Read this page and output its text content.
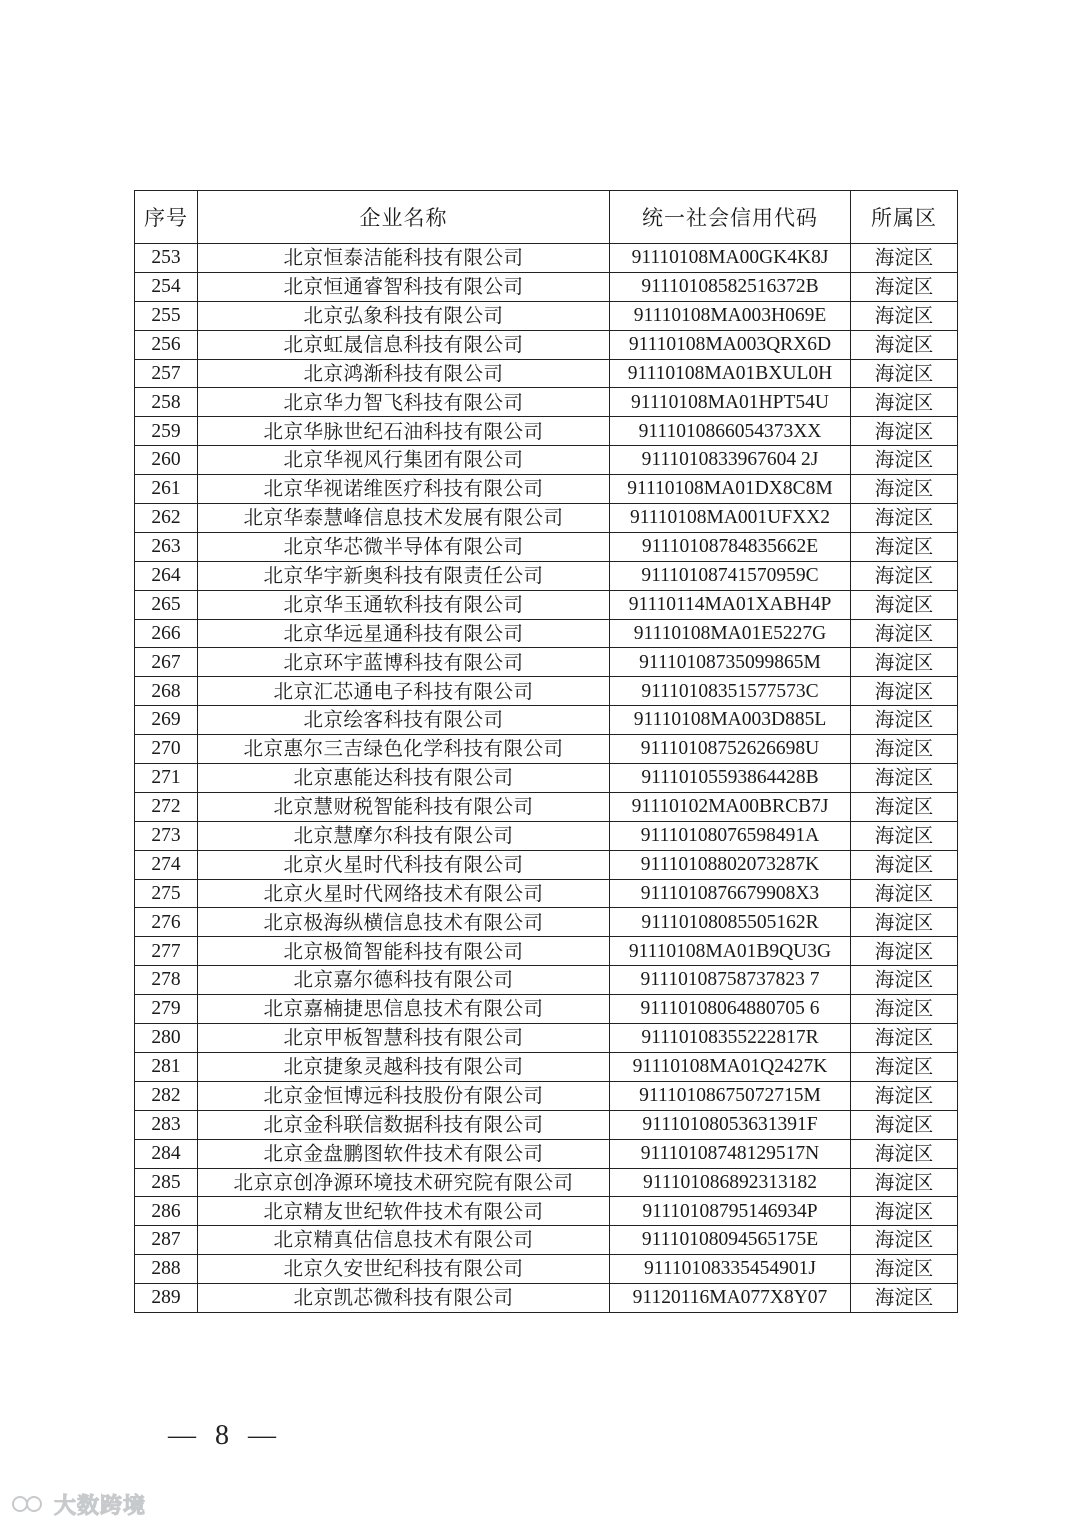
序号	企业名称	统一社会信用代码	所属区
253	北京恒泰洁能科技有限公司	91110108MA00GK4K8J	海淀区
254	北京恒通睿智科技有限公司	91110108582516372B	海淀区
255	北京弘象科技有限公司	91110108MA003H069E	海淀区
256	北京虹晟信息科技有限公司	91110108MA003QRX6D	海淀区
257	北京鸿渐科技有限公司	91110108MA01BXUL0H	海淀区
258	北京华力智飞科技有限公司	91110108MA01HPT54U	海淀区
259	北京华脉世纪石油科技有限公司	9111010866054373XX	海淀区
260	北京华视风行集团有限公司	9111010833967604 2J	海淀区
261	北京华视诺维医疗科技有限公司	91110108MA01DX8C8M	海淀区
262	北京华泰慧峰信息技术发展有限公司	91110108MA001UFXX2	海淀区
263	北京华芯微半导体有限公司	91110108784835662E	海淀区
264	北京华宇新奥科技有限责任公司	91110108741570959C	海淀区
265	北京华玉通软科技有限公司	91110114MA01XABH4P	海淀区
266	北京华远星通科技有限公司	91110108MA01E5227G	海淀区
267	北京环宇蓝博科技有限公司	91110108735099865M	海淀区
268	北京汇芯通电子科技有限公司	91110108351577573C	海淀区
269	北京绘客科技有限公司	91110108MA003D885L	海淀区
270	北京惠尔三吉绿色化学科技有限公司	91110108752626698U	海淀区
271	北京惠能达科技有限公司	91110105593864428B	海淀区
272	北京慧财税智能科技有限公司	91110102MA00BRCB7J	海淀区
273	北京慧摩尔科技有限公司	91110108076598491A	海淀区
274	北京火星时代科技有限公司	91110108802073287K	海淀区
275	北京火星时代网络技术有限公司	9111010876679908X3	海淀区
276	北京极海纵横信息技术有限公司	91110108085505162R	海淀区
277	北京极简智能科技有限公司	91110108MA01B9QU3G	海淀区
278	北京嘉尔德科技有限公司	91110108758737823 7	海淀区
279	北京嘉楠捷思信息技术有限公司	91110108064880705 6	海淀区
280	北京甲板智慧科技有限公司	91110108355222817R	海淀区
281	北京捷象灵越科技有限公司	91110108MA01Q2427K	海淀区
282	北京金恒博远科技股份有限公司	91110108675072715M	海淀区
283	北京金科联信数据科技有限公司	91110108053631391F	海淀区
284	北京金盘鹏图软件技术有限公司	91110108748129517N	海淀区
285	北京京创净源环境技术研究院有限公司	911101086892313182	海淀区
286	北京精友世纪软件技术有限公司	91110108795146934P	海淀区
287	北京精真估信息技术有限公司	91110108094565175E	海淀区
288	北京久安世纪科技有限公司	91110108335454901J	海淀区
289	北京凯芯微科技有限公司	91120116MA077X8Y07	海淀区
— 8 —
大数跨境
